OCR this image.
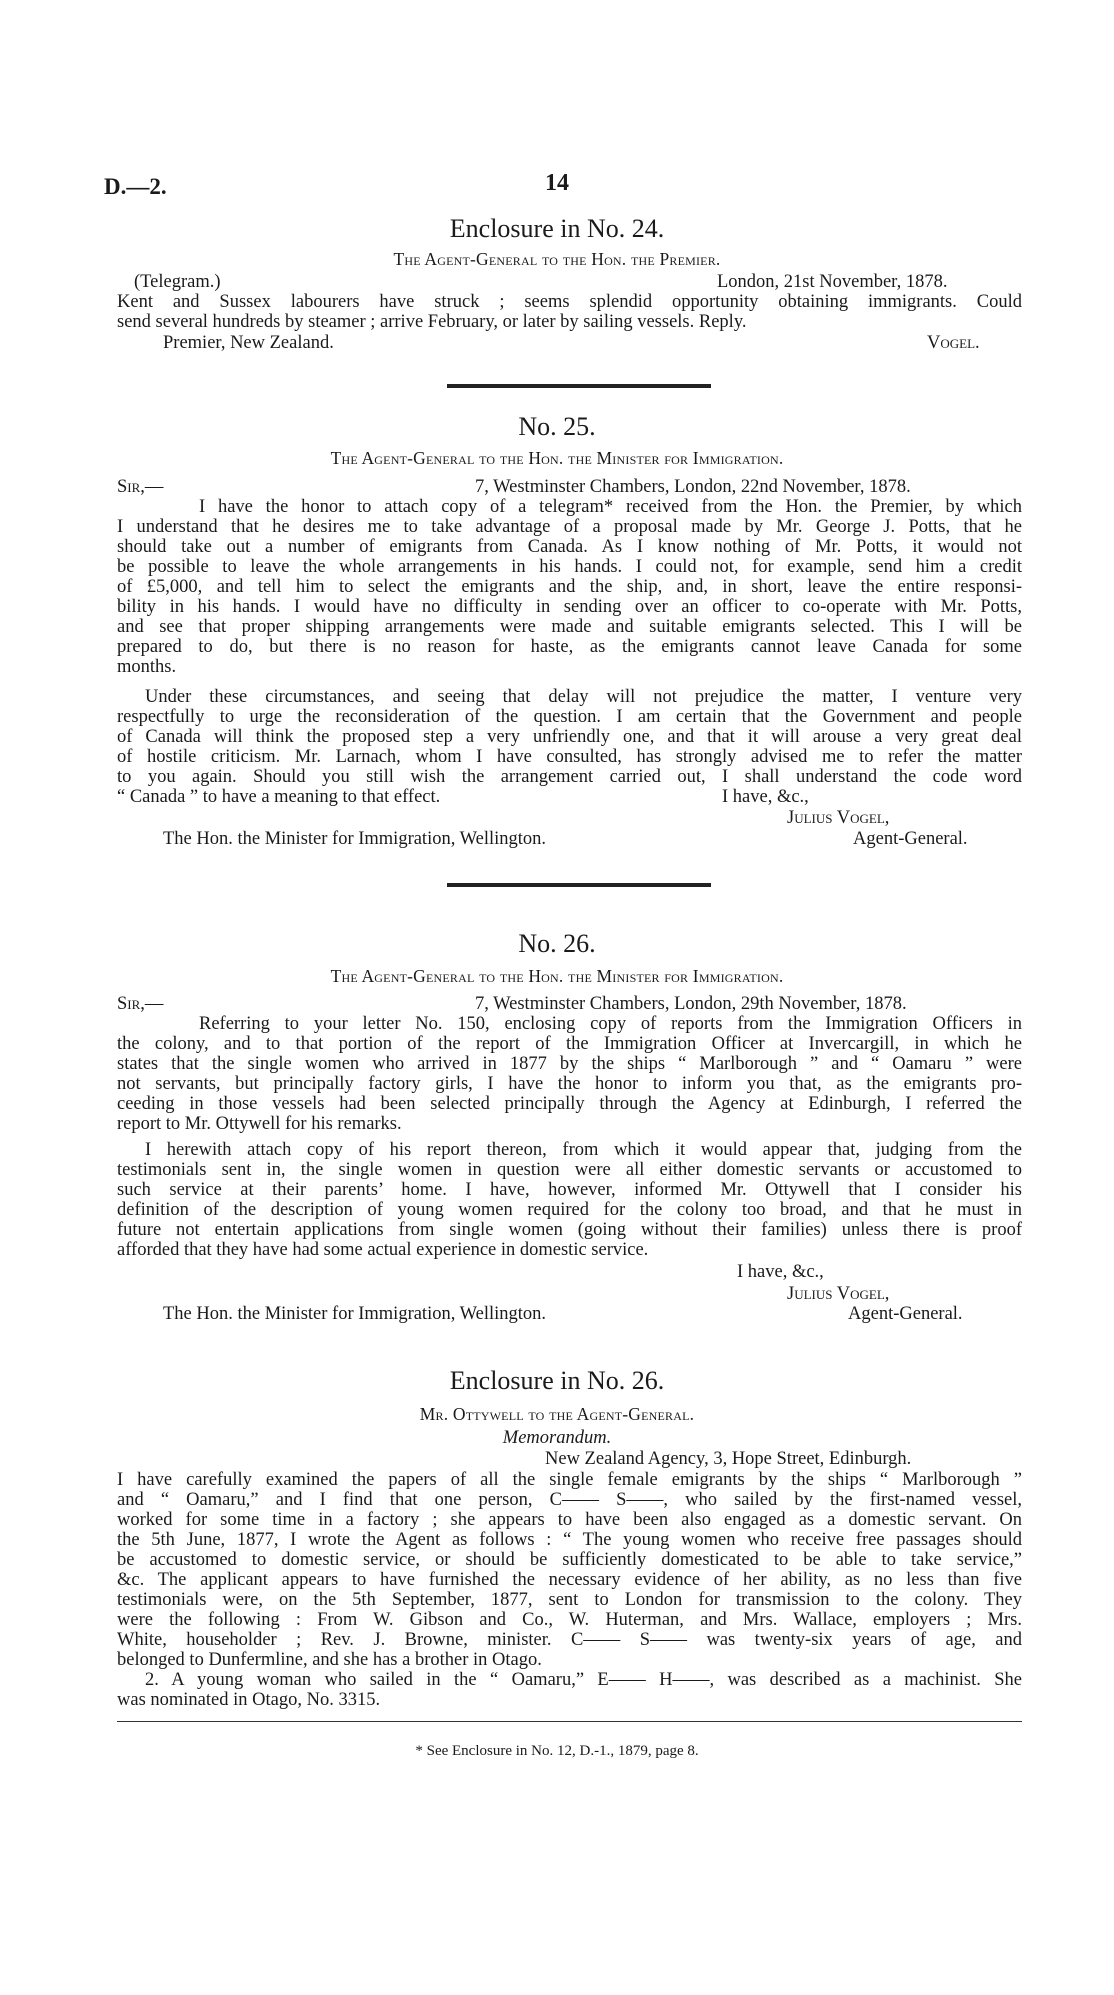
D.—2.	14
Enclosure in No. 24.
The Agent-General to the Hon. the Premier.
(Telegram.)	London, 21st November, 1878.

Kent and Sussex labourers have struck ; seems splendid opportunity obtaining immigrants. Could

send several hundreds by steamer ; arrive February, or later by sailing vessels. Reply.

Premier, New Zealand.	Vogel.
No. 25.
The Agent-General to the Hon. the Minister for Immigration.
Sir,—	7, Westminster Chambers, London, 22nd November, 1878.

I have the honor to attach copy of a telegram* received from the Hon. the Premier, by which

I understand that he desires me to take advantage of a proposal made by Mr. George J. Potts, that he

should take out a number of emigrants from Canada. As I know nothing of Mr. Potts, it would not

be possible to leave the whole arrangements in his hands. I could not, for example, send him a credit

of £5,000, and tell him to select the emigrants and the ship, and, in short, leave the entire responsi-

bility in his hands. I would have no difficulty in sending over an officer to co-operate with Mr. Potts,

and see that proper shipping arrangements were made and suitable emigrants selected. This I will be

prepared to do, but there is no reason for haste, as the emigrants cannot leave Canada for some

months.

Under these circumstances, and seeing that delay will not prejudice the matter, I venture very

respectfully to urge the reconsideration of the question. I am certain that the Government and people

of Canada will think the proposed step a very unfriendly one, and that it will arouse a very great deal

of hostile criticism. Mr. Larnach, whom I have consulted, has strongly advised me to refer the matter

to you again. Should you still wish the arrangement carried out, I shall understand the code word

“ Canada ” to have a meaning to that effect.	I have, &c.,
Julius Vogel,
The Hon. the Minister for Immigration, Wellington.	Agent-General.
No. 26.
The Agent-General to the Hon. the Minister for Immigration.
Sir,—	7, Westminster Chambers, London, 29th November, 1878.

Referring to your letter No. 150, enclosing copy of reports from the Immigration Officers in

the colony, and to that portion of the report of the Immigration Officer at Invercargill, in which he

states that the single women who arrived in 1877 by the ships “ Marlborough ” and “ Oamaru ” were

not servants, but principally factory girls, I have the honor to inform you that, as the emigrants pro-

ceeding in those vessels had been selected principally through the Agency at Edinburgh, I referred the

report to Mr. Ottywell for his remarks.

I herewith attach copy of his report thereon, from which it would appear that, judging from the

testimonials sent in, the single women in question were all either domestic servants or accustomed to

such service at their parents’ home. I have, however, informed Mr. Ottywell that I consider his

definition of the description of young women required for the colony too broad, and that he must in

future not entertain applications from single women (going without their families) unless there is proof

afforded that they have had some actual experience in domestic service.

I have, &c.,
Julius Vogel,
The Hon. the Minister for Immigration, Wellington.	Agent-General.
Enclosure in No. 26.
Mr. Ottywell to the Agent-General.
Memorandum.
New Zealand Agency, 3, Hope Street, Edinburgh.

I have carefully examined the papers of all the single female emigrants by the ships “ Marlborough ”

and “ Oamaru,” and I find that one person, C—— S——, who sailed by the first-named vessel,

worked for some time in a factory ; she appears to have been also engaged as a domestic servant. On

the 5th June, 1877, I wrote the Agent as follows : “ The young women who receive free passages should

be accustomed to domestic service, or should be sufficiently domesticated to be able to take service,”

&c. The applicant appears to have furnished the necessary evidence of her ability, as no less than five

testimonials were, on the 5th September, 1877, sent to London for transmission to the colony. They

were the following : From W. Gibson and Co., W. Huterman, and Mrs. Wallace, employers ; Mrs.

White, householder ; Rev. J. Browne, minister. C—— S—— was twenty-six years of age, and

belonged to Dunfermline, and she has a brother in Otago.

2. A young woman who sailed in the “ Oamaru,” E—— H——, was described as a machinist. She

was nominated in Otago, No. 3315.

* See Enclosure in No. 12, D.-1., 1879, page 8.
